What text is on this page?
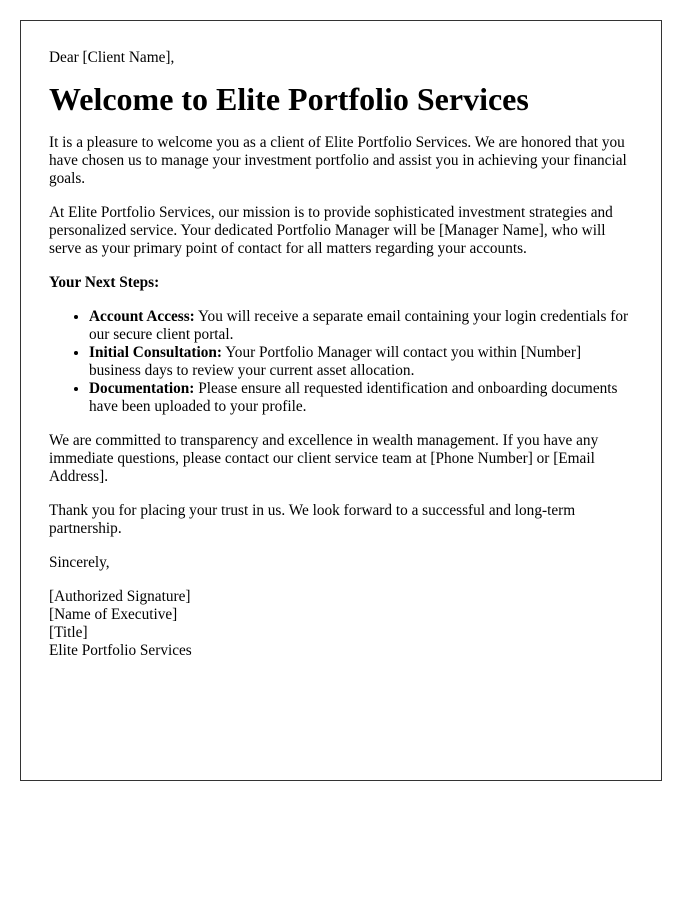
Dear [Client Name],
Welcome to Elite Portfolio Services

It is a pleasure to welcome you as a client of Elite Portfolio Services. We are honored that you have chosen us to manage your investment portfolio and assist you in achieving your financial goals.

At Elite Portfolio Services, our mission is to provide sophisticated investment strategies and personalized service. Your dedicated Portfolio Manager will be [Manager Name], who will serve as your primary point of contact for all matters regarding your accounts.

Your Next Steps:
• Account Access: You will receive a separate email containing your login credentials for our secure client portal.
• Initial Consultation: Your Portfolio Manager will contact you within [Number] business days to review your current asset allocation.
• Documentation: Please ensure all requested identification and onboarding documents have been uploaded to your profile.

We are committed to transparency and excellence in wealth management. If you have any immediate questions, please contact our client service team at [Phone Number] or [Email Address].

Thank you for placing your trust in us. We look forward to a successful and long-term partnership.

Sincerely,

[Authorized Signature]
[Name of Executive]
[Title]
Elite Portfolio Services
